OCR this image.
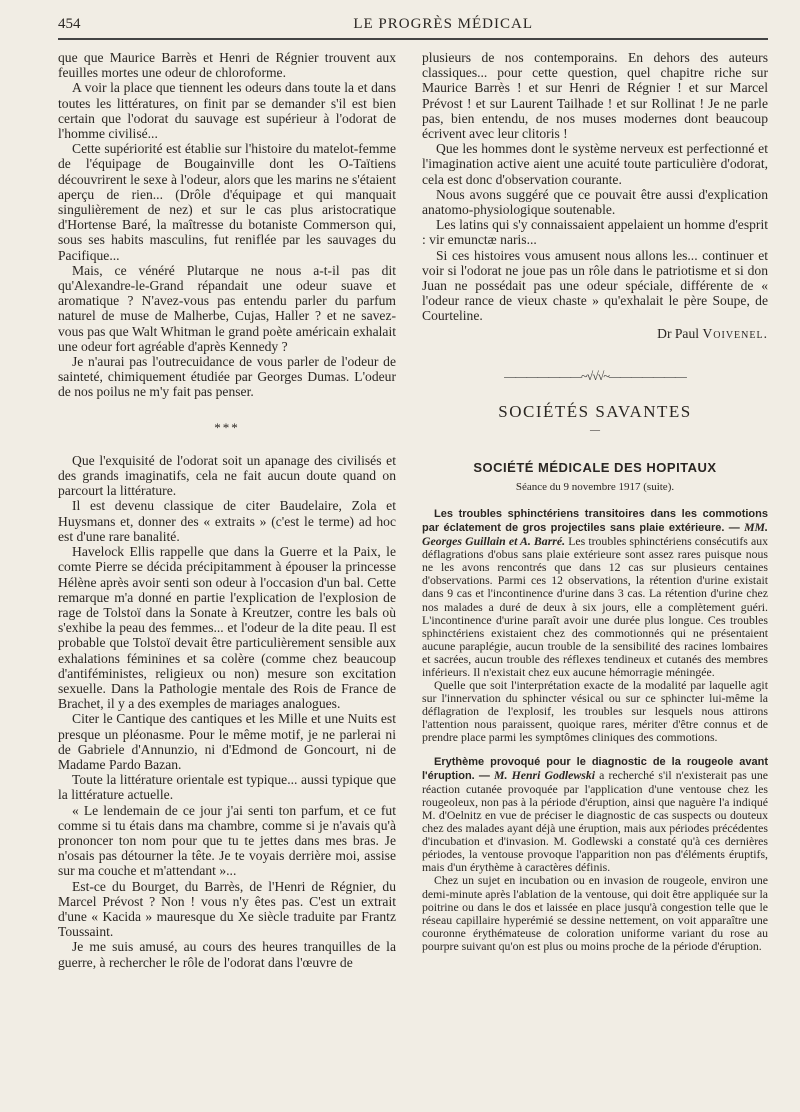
454	LE PROGRÈS MÉDICAL

que que Maurice Barrès et Henri de Régnier trouvent aux feuilles mortes une odeur de chloroforme.

A voir la place que tiennent les odeurs dans toute la et dans toutes les littératures, on finit par se demander s'il est bien certain que l'odorat du sauvage est supérieur à l'odorat de l'homme civilisé...

Cette supériorité est établie sur l'histoire du matelot-femme de l'équipage de Bougainville dont les O-Taïtiens découvrirent le sexe à l'odeur, alors que les marins ne s'étaient aperçu de rien... (Drôle d'équipage et qui manquait singulièrement de nez) et sur le cas plus aristocratique d'Hortense Baré, la maîtresse du botaniste Commerson qui, sous ses habits masculins, fut reniflée par les sauvages du Pacifique...

Mais, ce vénéré Plutarque ne nous a-t-il pas dit qu'Alexandre-le-Grand répandait une odeur suave et aromatique ? N'avez-vous pas entendu parler du parfum naturel de muse de Malherbe, Cujas, Haller ? et ne savez-vous pas que Walt Whitman le grand poète américain exhalait une odeur fort agréable d'après Kennedy ?

Je n'aurai pas l'outrecuidance de vous parler de l'odeur de sainteté, chimiquement étudiée par Georges Dumas. L'odeur de nos poilus ne m'y fait pas penser.

***

Que l'exquisité de l'odorat soit un apanage des civilisés et des grands imaginatifs, cela ne fait aucun doute quand on parcourt la littérature.

Il est devenu classique de citer Baudelaire, Zola et Huysmans et, donner des « extraits » (c'est le terme) ad hoc est d'une rare banalité.

Havelock Ellis rappelle que dans la Guerre et la Paix, le comte Pierre se décida précipitamment à épouser la princesse Hélène après avoir senti son odeur à l'occasion d'un bal. Cette remarque m'a donné en partie l'explication de l'explosion de rage de Tolstoï dans la Sonate à Kreutzer, contre les bals où s'exhibe la peau des femmes... et l'odeur de la dite peau. Il est probable que Tolstoï devait être particulièrement sensible aux exhalations féminines et sa colère (comme chez beaucoup d'antiféministes, religieux ou non) mesure son excitation sexuelle. Dans la Pathologie mentale des Rois de France de Brachet, il y a des exemples de mariages analogues.

Citer le Cantique des cantiques et les Mille et une Nuits est presque un pléonasme. Pour le même motif, je ne parlerai ni de Gabriele d'Annunzio, ni d'Edmond de Goncourt, ni de Madame Pardo Bazan.

Toute la littérature orientale est typique... aussi typique que la littérature actuelle.

« Le lendemain de ce jour j'ai senti ton parfum, et ce fut comme si tu étais dans ma chambre, comme si je n'avais qu'à prononcer ton nom pour que tu te jettes dans mes bras. Je n'osais pas détourner la tête. Je te voyais derrière moi, assise sur ma couche et m'attendant »...

Est-ce du Bourget, du Barrès, de l'Henri de Régnier, du Marcel Prévost ? Non ! vous n'y êtes pas. C'est un extrait d'une « Kacida » mauresque du Xe siècle traduite par Frantz Toussaint.

Je me suis amusé, au cours des heures tranquilles de la guerre, à rechercher le rôle de l'odorat dans l'œuvre de

plusieurs de nos contemporains. En dehors des auteurs classiques... pour cette question, quel chapitre riche sur Maurice Barrès ! et sur Henri de Régnier ! et sur Marcel Prévost ! et sur Laurent Tailhade ! et sur Rollinat ! Je ne parle pas, bien entendu, de nos muses modernes dont beaucoup écrivent avec leur clitoris !

Que les hommes dont le système nerveux est perfectionné et l'imagination active aient une acuité toute particulière d'odorat, cela est donc d'observation courante.

Nous avons suggéré que ce pouvait être aussi d'explication anatomo-physiologique soutenable.

Les latins qui s'y connaissaient appelaient un homme d'esprit : vir emunctæ naris...

Si ces histoires vous amusent nous allons les... continuer et voir si l'odorat ne joue pas un rôle dans le patriotisme et si don Juan ne possédait pas une odeur spéciale, différente de « l'odeur rance de vieux chaste » qu'exhalait le père Soupe, de Courteline.

Dr Paul Voivenel.
———————~√√√~———————
SOCIÉTÉS SAVANTES
—
SOCIÉTÉ MÉDICALE DES HOPITAUX
Séance du 9 novembre 1917 (suite).

Les troubles sphinctériens transitoires dans les commotions par éclatement de gros projectiles sans plaie extérieure. — MM. Georges Guillain et A. Barré. Les troubles sphinctériens consécutifs aux déflagrations d'obus sans plaie extérieure sont assez rares puisque nous ne les avons rencontrés que dans 12 cas sur plusieurs centaines d'observations. Parmi ces 12 observations, la rétention d'urine existait dans 9 cas et l'incontinence d'urine dans 3 cas. La rétention d'urine chez nos malades a duré de deux à six jours, elle a complètement guéri. L'incontinence d'urine paraît avoir une durée plus longue. Ces troubles sphinctériens existaient chez des commotionnés qui ne présentaient aucune paraplégie, aucun trouble de la sensibilité des racines lombaires et sacrées, aucun trouble des réflexes tendineux et cutanés des membres inférieurs. Il n'existait chez eux aucune hémorragie méningée.

Quelle que soit l'interprétation exacte de la modalité par laquelle agit sur l'innervation du sphincter vésical ou sur ce sphincter lui-même la déflagration de l'explosif, les troubles sur lesquels nous attirons l'attention nous paraissent, quoique rares, mériter d'être connus et de prendre place parmi les symptômes cliniques des commotions.

Erythème provoqué pour le diagnostic de la rougeole avant l'éruption. — M. Henri Godlewski a recherché s'il n'existerait pas une réaction cutanée provoquée par l'application d'une ventouse chez les rougeoleux, non pas à la période d'éruption, ainsi que naguère l'a indiqué M. d'Oelnitz en vue de préciser le diagnostic de cas suspects ou douteux chez des malades ayant déjà une éruption, mais aux périodes précédentes d'incubation et d'invasion. M. Godlewski a constaté qu'à ces dernières périodes, la ventouse provoque l'apparition non pas d'éléments éruptifs, mais d'un érythème à caractères définis.

Chez un sujet en incubation ou en invasion de rougeole, environ une demi-minute après l'ablation de la ventouse, qui doit être appliquée sur la poitrine ou dans le dos et laissée en place jusqu'à congestion telle que le réseau capillaire hyperémié se dessine nettement, on voit apparaître une couronne érythémateuse de coloration uniforme variant du rose au pourpre suivant qu'on est plus ou moins proche de la période d'éruption.
